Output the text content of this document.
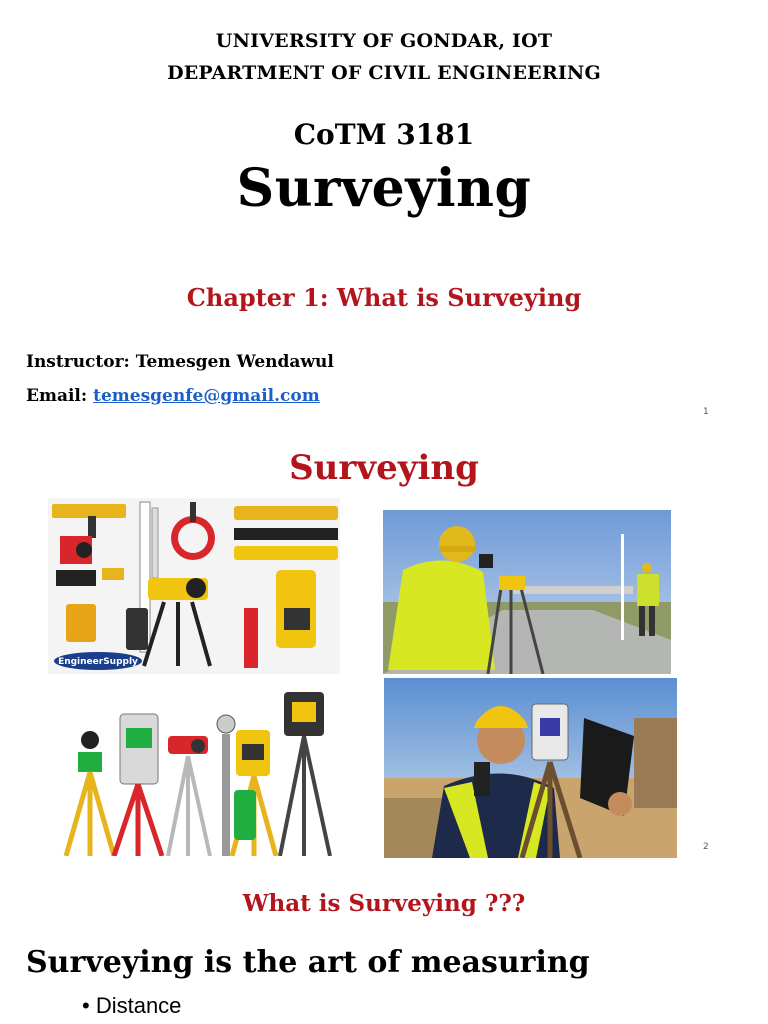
UNIVERSITY OF GONDAR, IOT
DEPARTMENT OF CIVIL ENGINEERING
CoTM 3181
Surveying
Chapter 1: What is Surveying
Instructor: Temesgen Wendawul
Email: temesgenfe@gmail.com
1
Surveying
EngineerSupply
2
What is Surveying ???
Surveying is the art of measuring
• Distance
